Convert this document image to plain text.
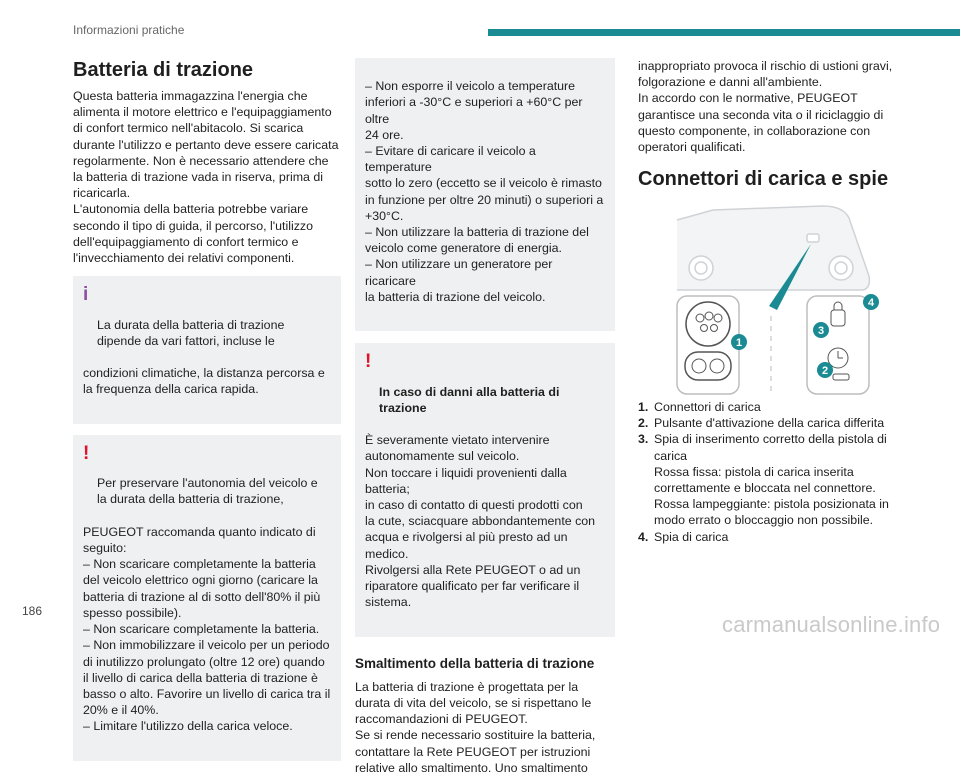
Informazioni pratiche
Batteria di trazione

Questa batteria immagazzina l'energia che
alimenta il motore elettrico e l'equipaggiamento
di confort termico nell'abitacolo. Si scarica
durante l'utilizzo e pertanto deve essere caricata
regolarmente. Non è necessario attendere che
la batteria di trazione vada in riserva, prima di
ricaricarla.
L'autonomia della batteria potrebbe variare
secondo il tipo di guida, il percorso, l'utilizzo
dell'equipaggiamento di confort termico e
l'invecchiamento dei relativi componenti.

i

La durata della batteria di trazione
dipende da vari fattori, incluse le

condizioni climatiche, la distanza percorsa e
la frequenza della carica rapida.

!

Per preservare l'autonomia del veicolo e
la durata della batteria di trazione,

PEUGEOT raccomanda quanto indicato di
seguito:
– Non scaricare completamente la batteria
del veicolo elettrico ogni giorno (caricare la
batteria di trazione al di sotto dell'80% il più
spesso possibile).
– Non scaricare completamente la batteria.
– Non immobilizzare il veicolo per un periodo
di inutilizzo prolungato (oltre 12 ore) quando
il livello di carica della batteria di trazione è
basso o alto. Favorire un livello di carica tra il
20% e il 40%.
– Limitare l'utilizzo della carica veloce.

– Non esporre il veicolo a temperature
inferiori a -30°C e superiori a +60°C per oltre
24 ore.
– Evitare di caricare il veicolo a temperature
sotto lo zero (eccetto se il veicolo è rimasto
in funzione per oltre 20 minuti) o superiori a
+30°C.
– Non utilizzare la batteria di trazione del
veicolo come generatore di energia.
– Non utilizzare un generatore per ricaricare
la batteria di trazione del veicolo.

!

In caso di danni alla batteria di
trazione

È severamente vietato intervenire
autonomamente sul veicolo.
Non toccare i liquidi provenienti dalla batteria;
in caso di contatto di questi prodotti con
la cute, sciacquare abbondantemente con
acqua e rivolgersi al più presto ad un medico.
Rivolgersi alla Rete PEUGEOT o ad un
riparatore qualificato per far verificare il
sistema.

Smaltimento della batteria di trazione

La batteria di trazione è progettata per la
durata di vita del veicolo, se si rispettano le
raccomandazioni di PEUGEOT.
Se si rende necessario sostituire la batteria,
contattare la Rete PEUGEOT per istruzioni
relative allo smaltimento. Uno smaltimento

inappropriato provoca il rischio di ustioni gravi,
folgorazione e danni all'ambiente.
In accordo con le normative, PEUGEOT
garantisce una seconda vita o il riciclaggio di
questo componente, in collaborazione con
operatori qualificati.

Connettori di carica e spie
1
2
3
4
1. Connettori di carica
2. Pulsante d'attivazione della carica differita
3. Spia di inserimento corretto della pistola di
carica
Rossa fissa: pistola di carica inserita
correttamente e bloccata nel connettore.
Rossa lampeggiante: pistola posizionata in
modo errato o bloccaggio non possibile.
4. Spia di carica
186
carmanualsonline.info
